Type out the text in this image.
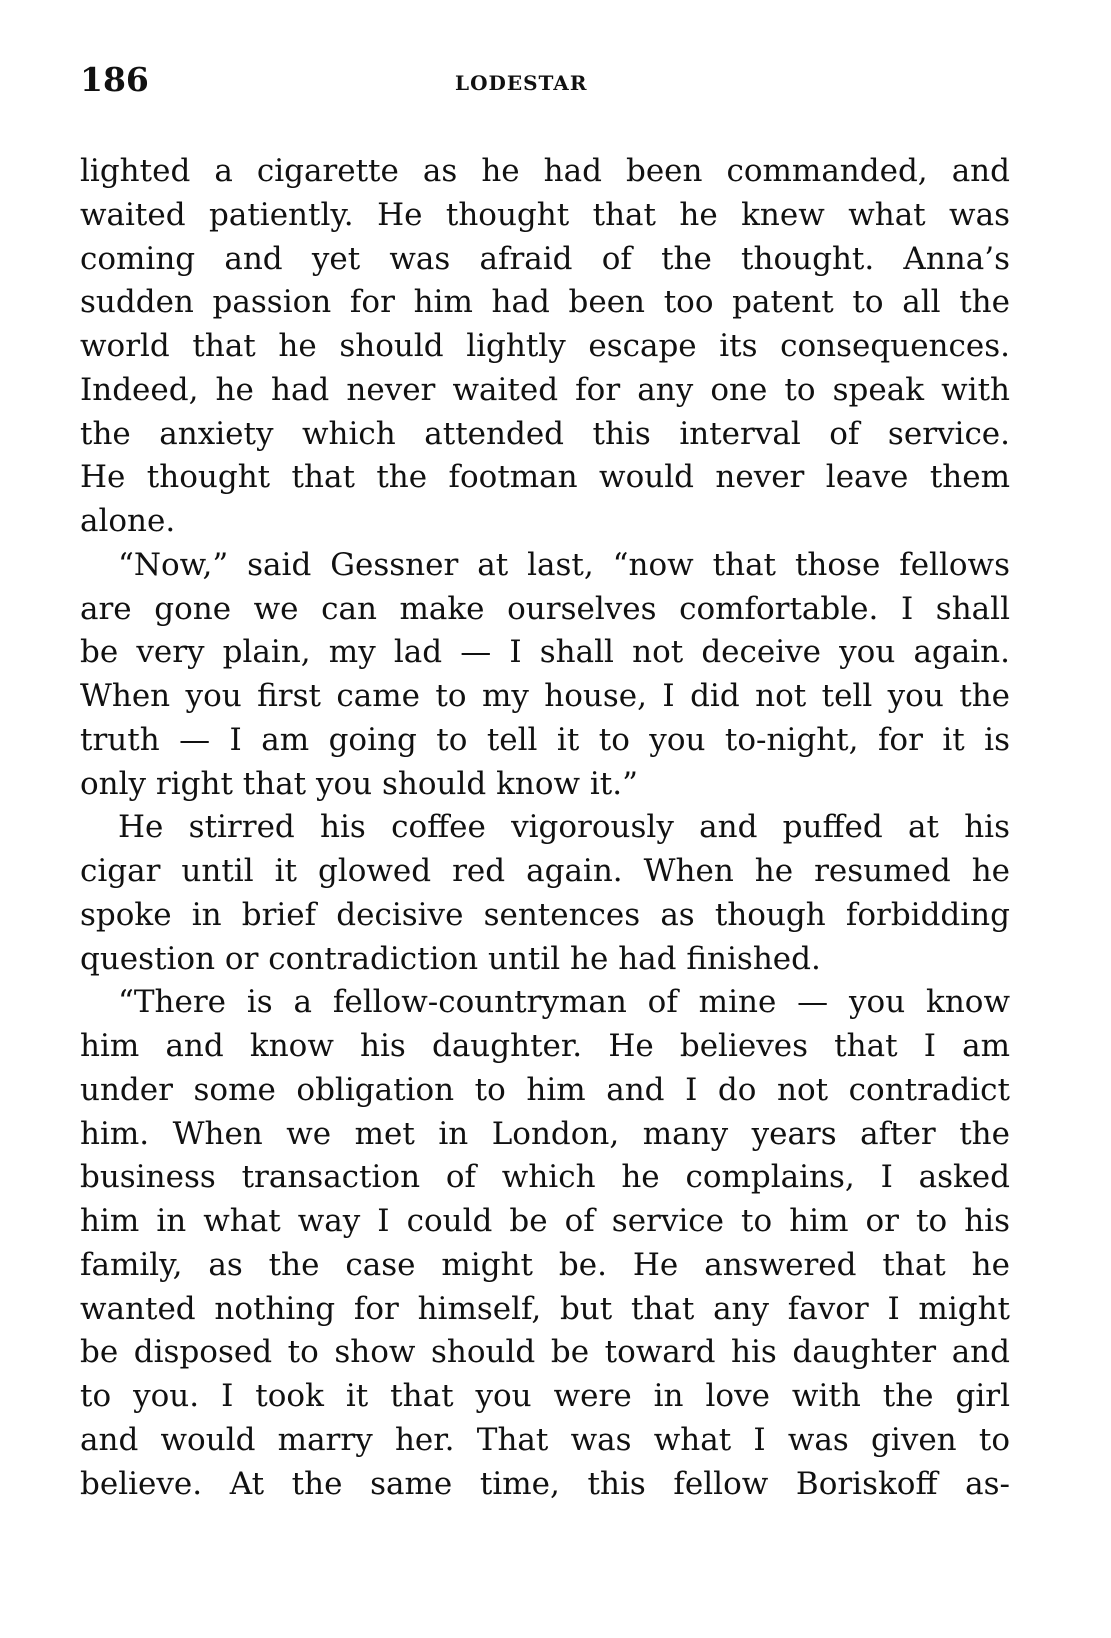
186	LODESTAR
lighted a cigarette as he had been commanded, and
waited patiently. He thought that he knew what was
coming and yet was afraid of the thought. Anna’s
sudden passion for him had been too patent to all the
world that he should lightly escape its consequences.
Indeed, he had never waited for any one to speak with
the anxiety which attended this interval of service.
He thought that the footman would never leave them
alone.
“Now,” said Gessner at last, “now that those fellows
are gone we can make ourselves comfortable. I shall
be very plain, my lad — I shall not deceive you again.
When you first came to my house, I did not tell you the
truth — I am going to tell it to you to-night, for it is
only right that you should know it.”
He stirred his coffee vigorously and puffed at his
cigar until it glowed red again. When he resumed he
spoke in brief decisive sentences as though forbidding
question or contradiction until he had finished.
“There is a fellow-countryman of mine — you know
him and know his daughter. He believes that I am
under some obligation to him and I do not contradict
him. When we met in London, many years after the
business transaction of which he complains, I asked
him in what way I could be of service to him or to his
family, as the case might be. He answered that he
wanted nothing for himself, but that any favor I might
be disposed to show should be toward his daughter and
to you. I took it that you were in love with the girl
and would marry her. That was what I was given to
believe. At the same time, this fellow Boriskoff as-
